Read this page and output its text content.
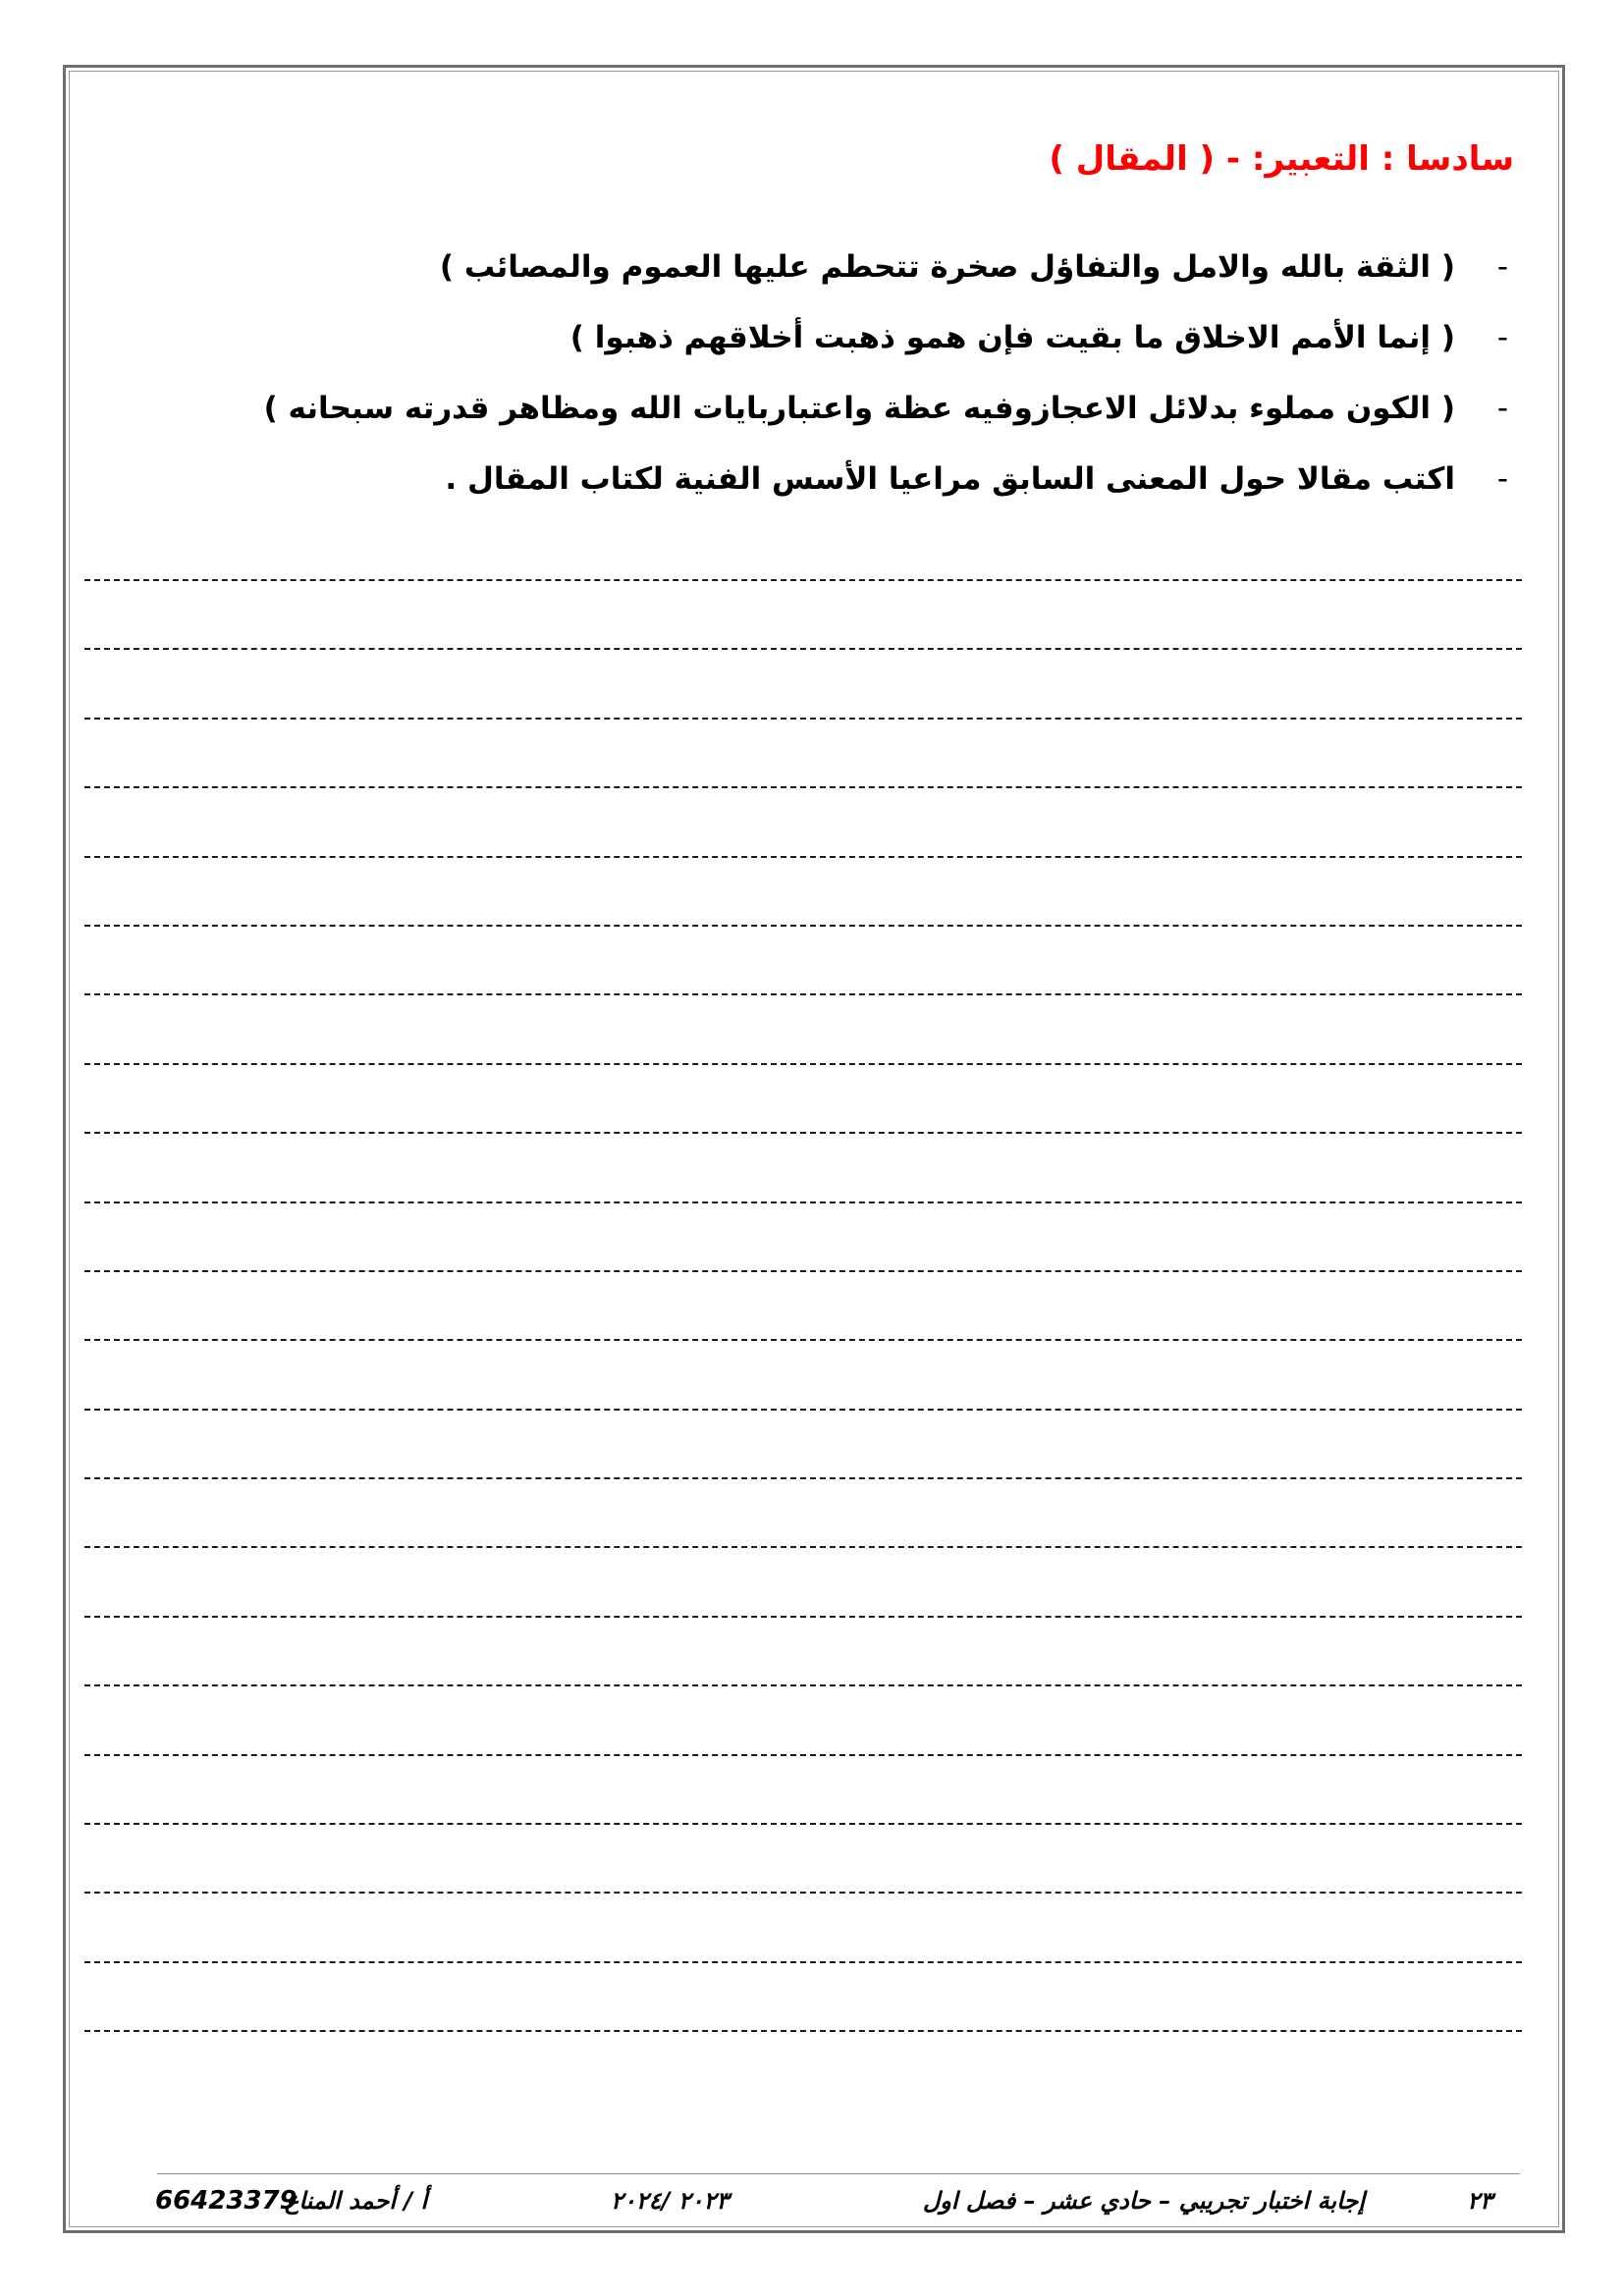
سادسا : التعبير: - ( المقال )
-
( الثقة بالله والامل والتفاؤل صخرة تتحطم عليها العموم والمصائب )
-
( إنما الأمم الاخلاق ما بقيت فإن همو ذهبت أخلاقهم ذهبوا )
-
( الكون مملوء بدلائل الاعجازوفيه عظة واعتباربايات الله ومظاهر قدرته سبحانه )
-
اكتب مقالا حول المعنى السابق مراعيا الأسس الفنية لكتاب المقال .
٢٣
إجابة اختبار تجريبي – حادي عشر – فصل اول
٢٠٢٣ /٢٠٢٤
أ / أحمد المناع
66423379
